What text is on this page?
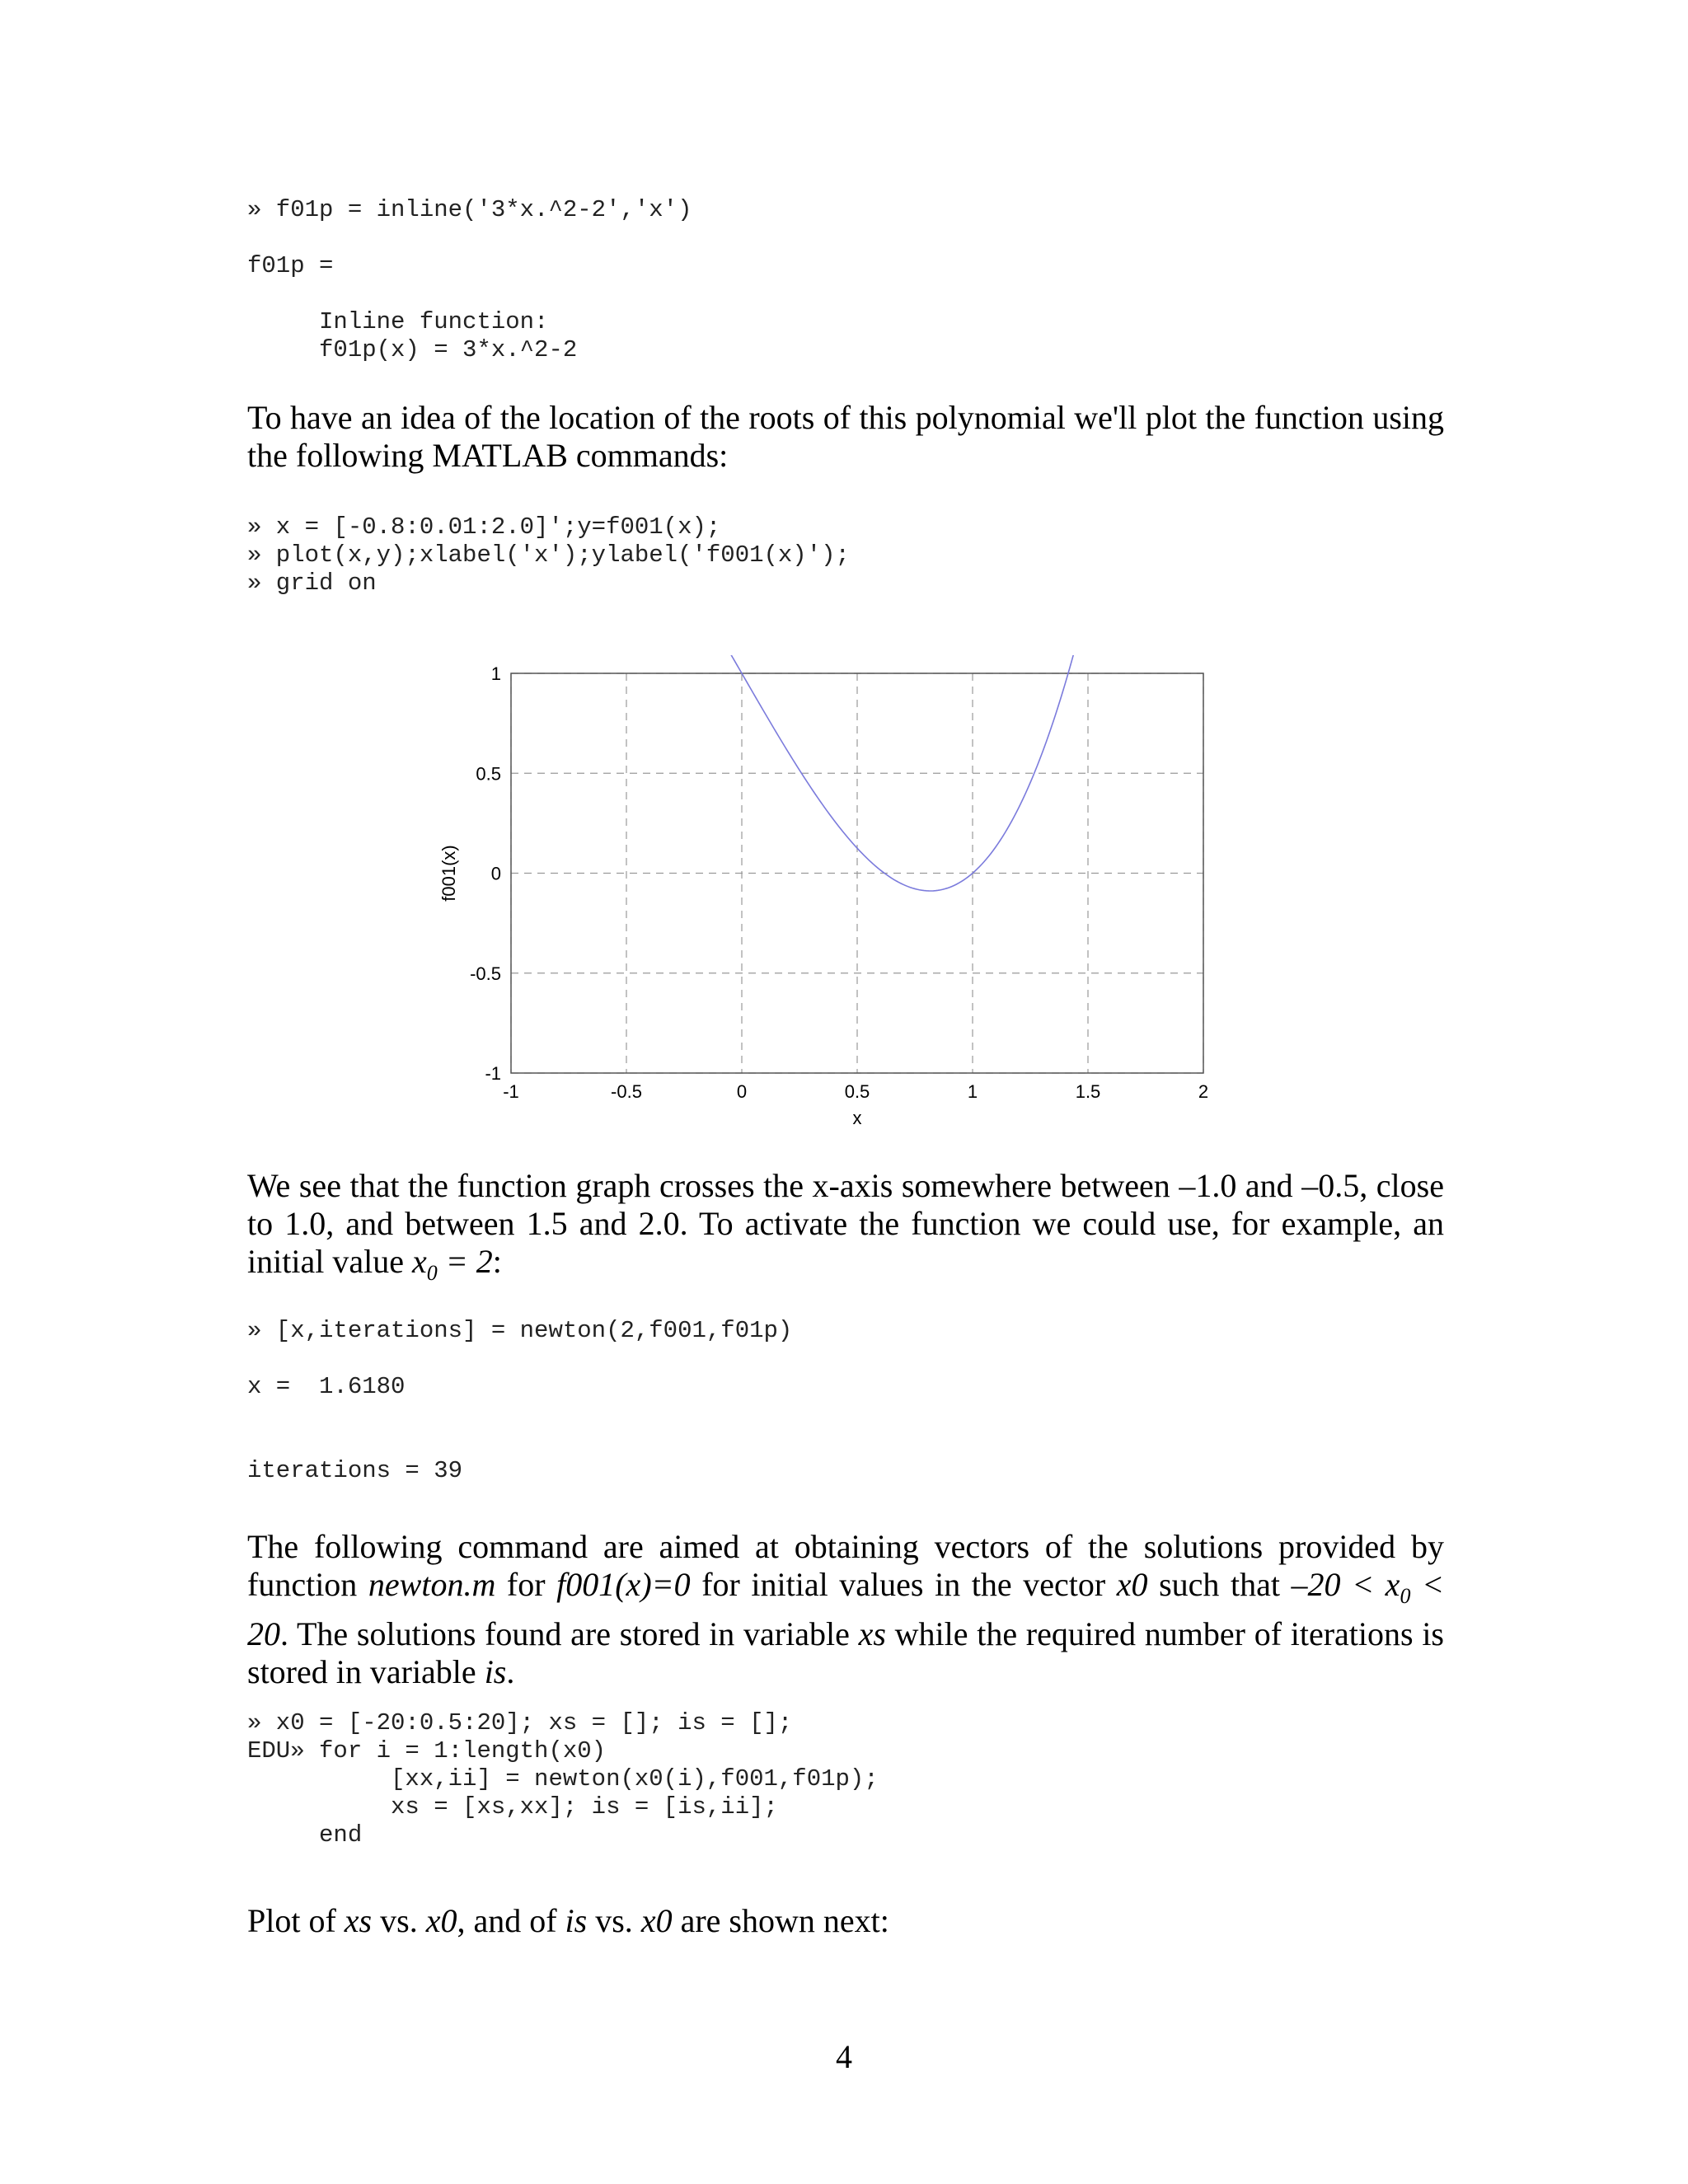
» f01p = inline('3*x.^2-2','x')

f01p =

Inline function:
f01p(x) = 3*x.^2-2

To have an idea of the location of the roots of this polynomial we'll plot the function using the following MATLAB commands:

» x = [-0.8:0.01:2.0]';y=f001(x);
» plot(x,y);xlabel('x');ylabel('f001(x)');
» grid on
-1	-0.5	0	0.5	1	1.5	2
1
0.5
0
-0.5
-1
x
f001(x)

We see that the function graph crosses the x-axis somewhere between –1.0 and –0.5, close to 1.0, and between 1.5 and 2.0. To activate the function we could use, for example, an initial value $x_0 = 2$:

» [x,iterations] = newton(2,f001,f01p)

x =  1.6180

iterations = 39

The following command are aimed at obtaining vectors of the solutions provided by function newton.m for f001(x)=0 for initial values in the vector x0 such that $-20 < x_0 < 20$. The solutions found are stored in variable xs while the required number of iterations is stored in variable is.

» x0 = [-20:0.5:20]; xs = []; is = [];
EDU» for i = 1:length(x0)
[xx,ii] = newton(x0(i),f001,f01p);
xs = [xs,xx]; is = [is,ii];
end

Plot of xs vs. x0, and of is vs. x0 are shown next:

4
